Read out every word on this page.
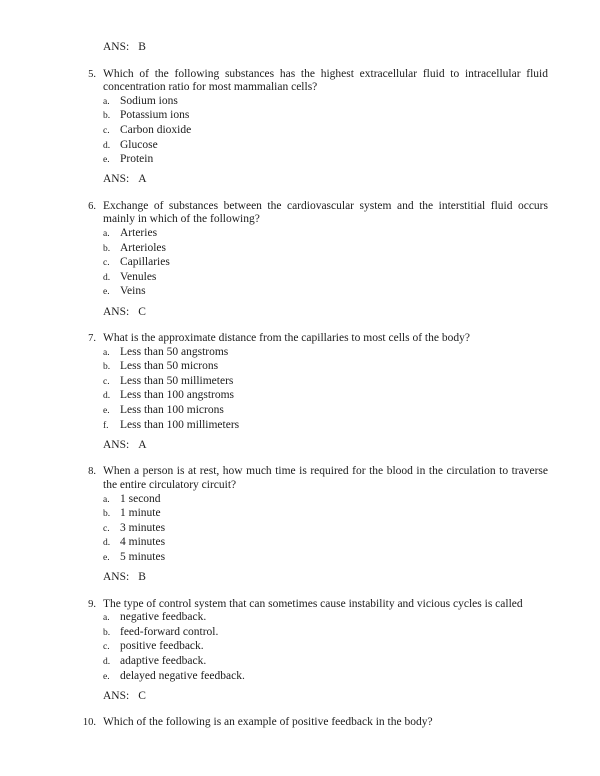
ANS: B
5. Which of the following substances has the highest extracellular fluid to intracellular fluid concentration ratio for most mammalian cells?
a. Sodium ions
b. Potassium ions
c. Carbon dioxide
d. Glucose
e. Protein
ANS: A
6. Exchange of substances between the cardiovascular system and the interstitial fluid occurs mainly in which of the following?
a. Arteries
b. Arterioles
c. Capillaries
d. Venules
e. Veins
ANS: C
7. What is the approximate distance from the capillaries to most cells of the body?
a. Less than 50 angstroms
b. Less than 50 microns
c. Less than 50 millimeters
d. Less than 100 angstroms
e. Less than 100 microns
f. Less than 100 millimeters
ANS: A
8. When a person is at rest, how much time is required for the blood in the circulation to traverse the entire circulatory circuit?
a. 1 second
b. 1 minute
c. 3 minutes
d. 4 minutes
e. 5 minutes
ANS: B
9. The type of control system that can sometimes cause instability and vicious cycles is called
a. negative feedback.
b. feed-forward control.
c. positive feedback.
d. adaptive feedback.
e. delayed negative feedback.
ANS: C
10. Which of the following is an example of positive feedback in the body?
